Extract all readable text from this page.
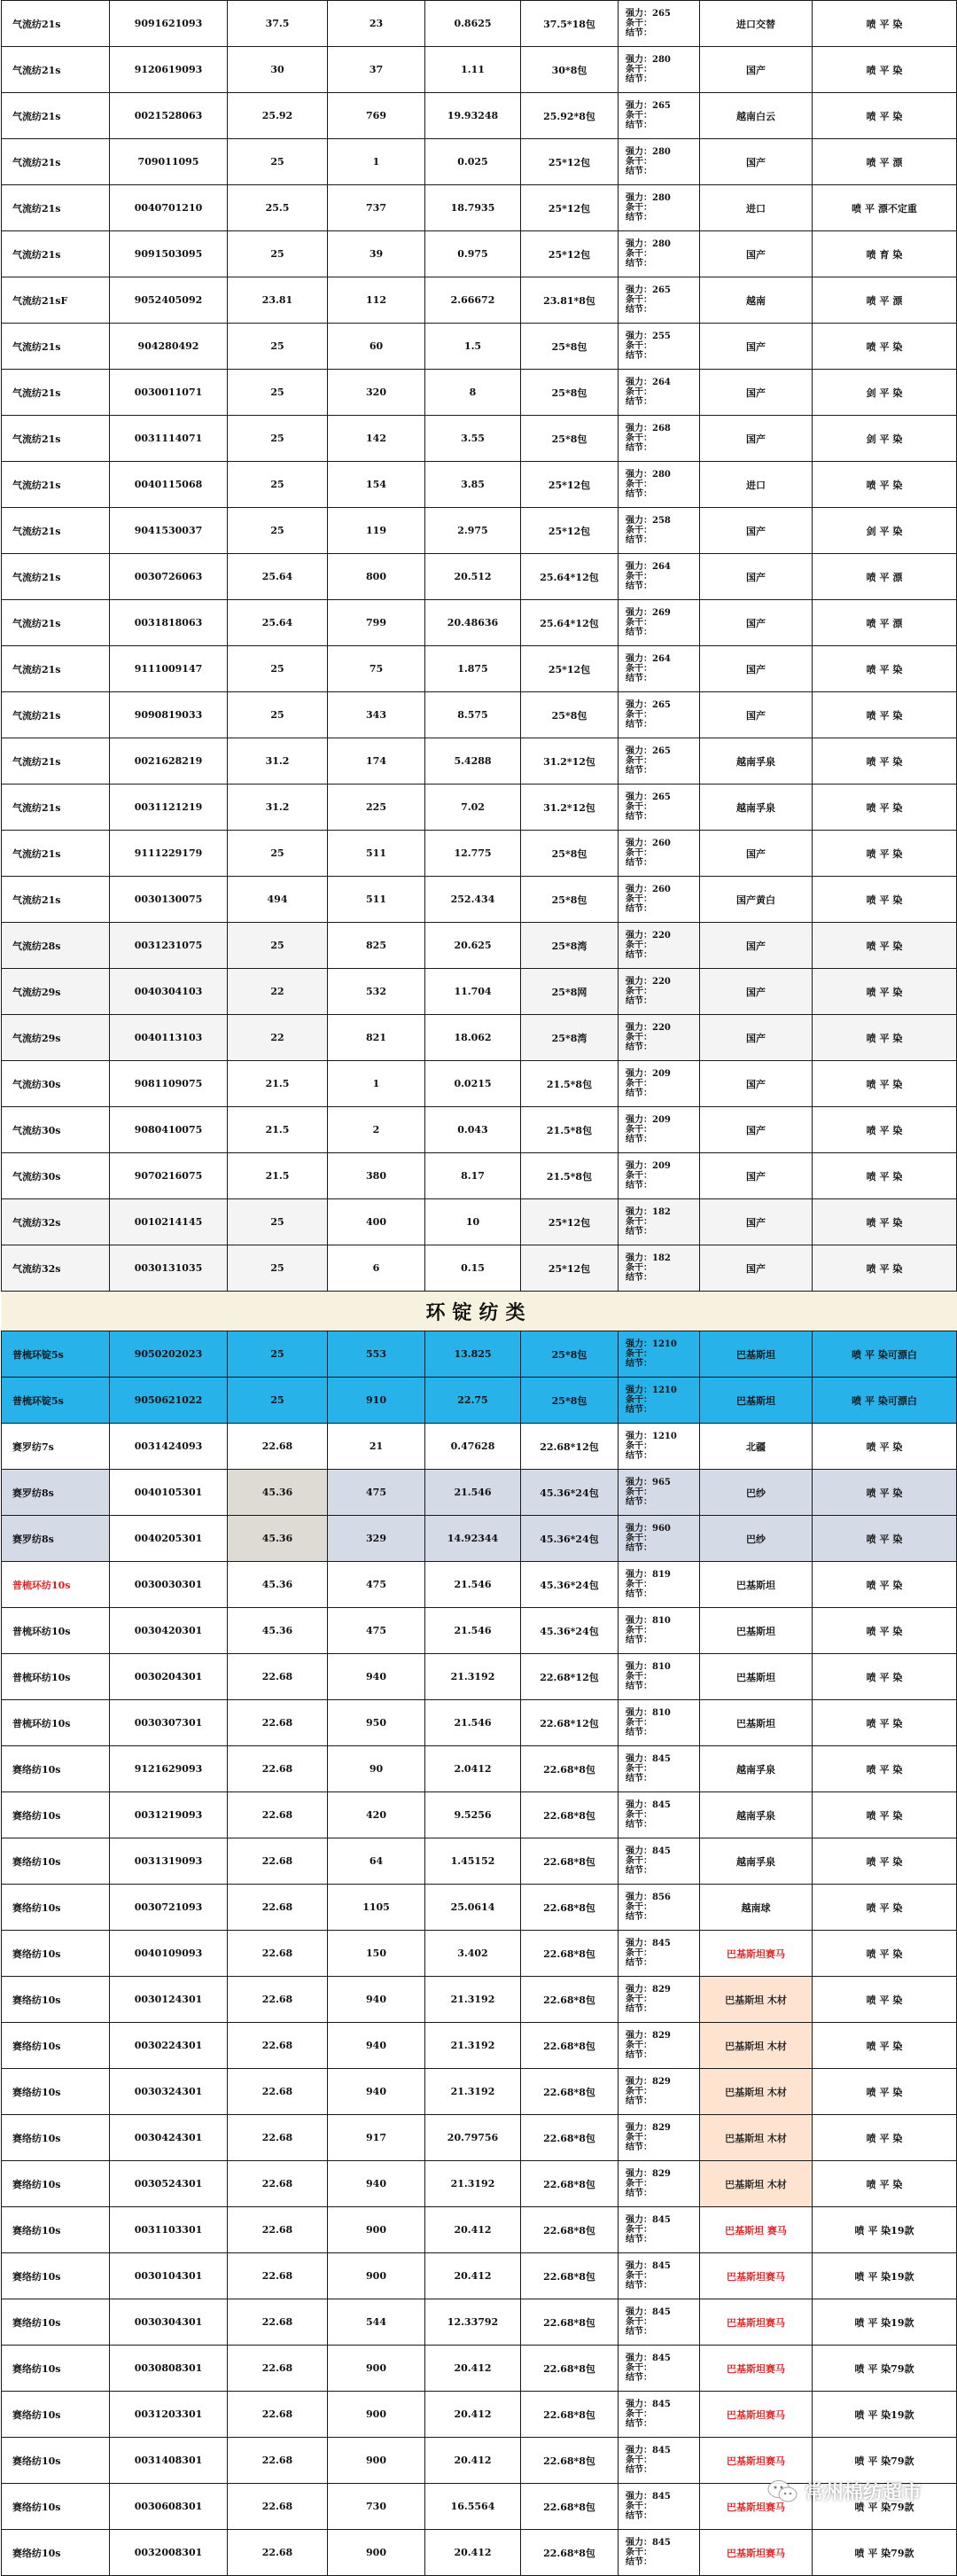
气流纺21s	9091621093	37.5	23	0.8625	37.5*18包	强力：265
条干：
结节：	进口交替	喷 平 染
气流纺21s	9120619093	30	37	1.11	30*8包	强力：280
条干：
结节：	国产	喷 平 染
气流纺21s	0021528063	25.92	769	19.93248	25.92*8包	强力：265
条干：
结节：	越南白云	喷 平 染
气流纺21s	709011095	25	1	0.025	25*12包	强力：280
条干：
结节：	国产	喷 平 漂
气流纺21s	0040701210	25.5	737	18.7935	25*12包	强力：280
条干：
结节：	进口	喷 平 漂不定重
气流纺21s	9091503095	25	39	0.975	25*12包	强力：280
条干：
结节：	国产	喷 育 染
气流纺21sF	9052405092	23.81	112	2.66672	23.81*8包	强力：265
条干：
结节：	越南	喷 平 漂
气流纺21s	904280492	25	60	1.5	25*8包	强力：255
条干：
结节：	国产	喷 平 染
气流纺21s	0030011071	25	320	8	25*8包	强力：264
条干：
结节：	国产	剑 平 染
气流纺21s	0031114071	25	142	3.55	25*8包	强力：268
条干：
结节：	国产	剑 平 染
气流纺21s	0040115068	25	154	3.85	25*12包	强力：280
条干：
结节：	进口	喷 平 染
气流纺21s	9041530037	25	119	2.975	25*12包	强力：258
条干：
结节：	国产	剑 平 染
气流纺21s	0030726063	25.64	800	20.512	25.64*12包	强力：264
条干：
结节：	国产	喷 平 漂
气流纺21s	0031818063	25.64	799	20.48636	25.64*12包	强力：269
条干：
结节：	国产	喷 平 漂
气流纺21s	9111009147	25	75	1.875	25*12包	强力：264
条干：
结节：	国产	喷 平 染
气流纺21s	9090819033	25	343	8.575	25*8包	强力：265
条干：
结节：	国产	喷 平 染
气流纺21s	0021628219	31.2	174	5.4288	31.2*12包	强力：265
条干：
结节：	越南孚泉	喷 平 染
气流纺21s	0031121219	31.2	225	7.02	31.2*12包	强力：265
条干：
结节：	越南孚泉	喷 平 染
气流纺21s	9111229179	25	511	12.775	25*8包	强力：260
条干：
结节：	国产	喷 平 染
气流纺21s	0030130075	494	511	252.434	25*8包	强力：260
条干：
结节：	国产黄白	喷 平 染
气流纺28s	0031231075	25	825	20.625	25*8湾	强力：220
条干：
结节：	国产	喷 平 染
气流纺29s	0040304103	22	532	11.704	25*8网	强力：220
条干：
结节：	国产	喷 平 染
气流纺29s	0040113103	22	821	18.062	25*8湾	强力：220
条干：
结节：	国产	喷 平 染
气流纺30s	9081109075	21.5	1	0.0215	21.5*8包	强力：209
条干：
结节：	国产	喷 平 染
气流纺30s	9080410075	21.5	2	0.043	21.5*8包	强力：209
条干：
结节：	国产	喷 平 染
气流纺30s	9070216075	21.5	380	8.17	21.5*8包	强力：209
条干：
结节：	国产	喷 平 染
气流纺32s	0010214145	25	400	10	25*12包	强力：182
条干：
结节：	国产	喷 平 染
气流纺32s	0030131035	25	6	0.15	25*12包	强力：182
条干：
结节：	国产	喷 平 染
环锭纺类								
普梳环锭5s	9050202023	25	553	13.825	25*8包	强力：1210
条干：
结节：	巴基斯坦	喷 平 染可漂白
普梳环锭5s	9050621022	25	910	22.75	25*8包	强力：1210
条干：
结节：	巴基斯坦	喷 平 染可漂白
赛罗纺7s	0031424093	22.68	21	0.47628	22.68*12包	强力：1210
条干：
结节：	北疆	喷 平 染
赛罗纺8s	0040105301	45.36	475	21.546	45.36*24包	强力：965
条干：
结节：	巴纱	喷 平 染
赛罗纺8s	0040205301	45.36	329	14.92344	45.36*24包	强力：960
条干：
结节：	巴纱	喷 平 染
普梳环纺10s	0030030301	45.36	475	21.546	45.36*24包	强力：819
条干：
结节：	巴基斯坦	喷 平 染
普梳环纺10s	0030420301	45.36	475	21.546	45.36*24包	强力：810
条干：
结节：	巴基斯坦	喷 平 染
普梳环纺10s	0030204301	22.68	940	21.3192	22.68*12包	强力：810
条干：
结节：	巴基斯坦	喷 平 染
普梳环纺10s	0030307301	22.68	950	21.546	22.68*12包	强力：810
条干：
结节：	巴基斯坦	喷 平 染
赛络纺10s	9121629093	22.68	90	2.0412	22.68*8包	强力：845
条干：
结节：	越南孚泉	喷 平 染
赛络纺10s	0031219093	22.68	420	9.5256	22.68*8包	强力：845
条干：
结节：	越南孚泉	喷 平 染
赛络纺10s	0031319093	22.68	64	1.45152	22.68*8包	强力：845
条干：
结节：	越南孚泉	喷 平 染
赛络纺10s	0030721093	22.68	1105	25.0614	22.68*8包	强力：856
条干：
结节：	越南球	喷 平 染
赛络纺10s	0040109093	22.68	150	3.402	22.68*8包	强力：845
条干：
结节：	巴基斯坦赛马	喷 平 染
赛络纺10s	0030124301	22.68	940	21.3192	22.68*8包	强力：829
条干：
结节：	巴基斯坦 木材	喷 平 染
赛络纺10s	0030224301	22.68	940	21.3192	22.68*8包	强力：829
条干：
结节：	巴基斯坦 木材	喷 平 染
赛络纺10s	0030324301	22.68	940	21.3192	22.68*8包	强力：829
条干：
结节：	巴基斯坦 木材	喷 平 染
赛络纺10s	0030424301	22.68	917	20.79756	22.68*8包	强力：829
条干：
结节：	巴基斯坦 木材	喷 平 染
赛络纺10s	0030524301	22.68	940	21.3192	22.68*8包	强力：829
条干：
结节：	巴基斯坦 木材	喷 平 染
赛络纺10s	0031103301	22.68	900	20.412	22.68*8包	强力：845
条干：
结节：	巴基斯坦 赛马	喷 平 染19款
赛络纺10s	0030104301	22.68	900	20.412	22.68*8包	强力：845
条干：
结节：	巴基斯坦赛马	喷 平 染19款
赛络纺10s	0030304301	22.68	544	12.33792	22.68*8包	强力：845
条干：
结节：	巴基斯坦赛马	喷 平 染19款
赛络纺10s	0030808301	22.68	900	20.412	22.68*8包	强力：845
条干：
结节：	巴基斯坦赛马	喷 平 染79款
赛络纺10s	0031203301	22.68	900	20.412	22.68*8包	强力：845
条干：
结节：	巴基斯坦赛马	喷 平 染19款
赛络纺10s	0031408301	22.68	900	20.412	22.68*8包	强力：845
条干：
结节：	巴基斯坦赛马	喷 平 染79款
赛络纺10s	0030608301	22.68	730	16.5564	22.68*8包	强力：845
条干：
结节：	巴基斯坦赛马	喷 平 染79款
赛络纺10s	0032008301	22.68	900	20.412	22.68*8包	强力：845
条干：
结节：	巴基斯坦赛马	喷 平 染79款
常州棉纺超市
